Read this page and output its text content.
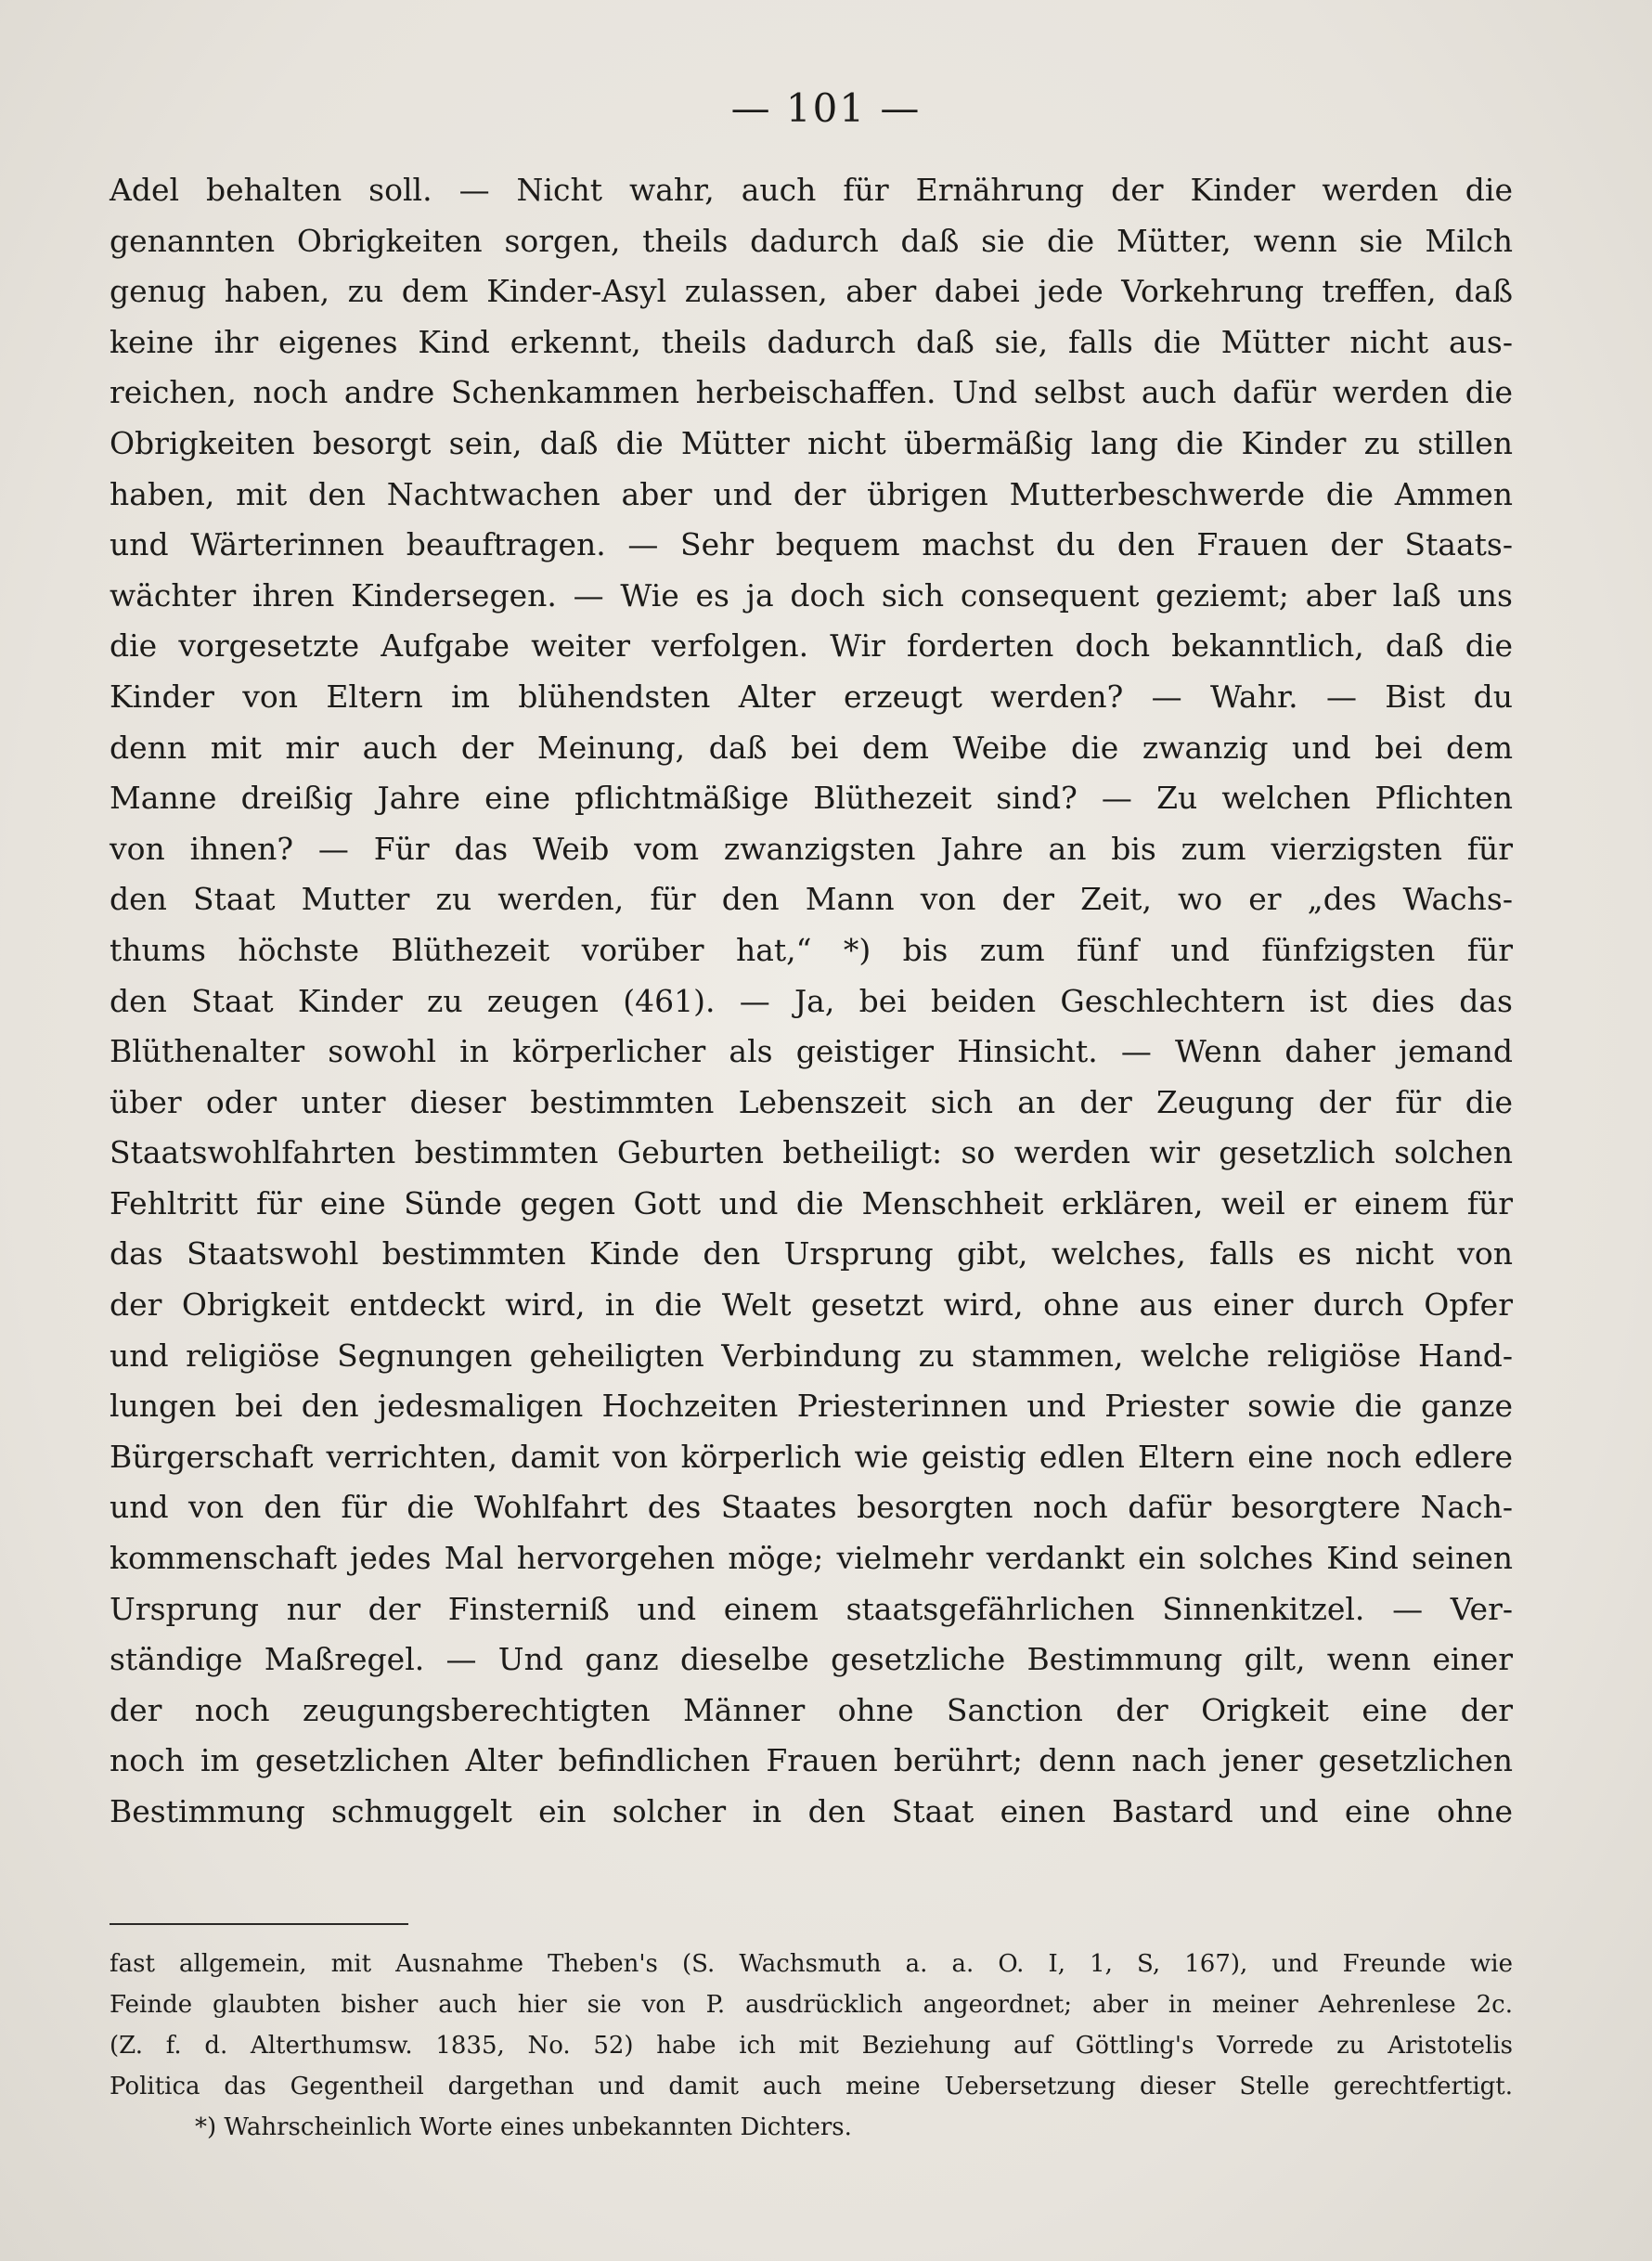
— 101 —
Adel behalten soll. — Nicht wahr, auch für Ernährung der Kinder werden die
genannten Obrigkeiten sorgen, theils dadurch daß sie die Mütter, wenn sie Milch
genug haben, zu dem Kinder-Asyl zulassen, aber dabei jede Vorkehrung treffen, daß
keine ihr eigenes Kind erkennt, theils dadurch daß sie, falls die Mütter nicht aus-
reichen, noch andre Schenkammen herbeischaffen. Und selbst auch dafür werden die
Obrigkeiten besorgt sein, daß die Mütter nicht übermäßig lang die Kinder zu stillen
haben, mit den Nachtwachen aber und der übrigen Mutterbeschwerde die Ammen
und Wärterinnen beauftragen. — Sehr bequem machst du den Frauen der Staats-
wächter ihren Kindersegen. — Wie es ja doch sich consequent geziemt; aber laß uns
die vorgesetzte Aufgabe weiter verfolgen. Wir forderten doch bekanntlich, daß die
Kinder von Eltern im blühendsten Alter erzeugt werden? — Wahr. — Bist du
denn mit mir auch der Meinung, daß bei dem Weibe die zwanzig und bei dem
Manne dreißig Jahre eine pflichtmäßige Blüthezeit sind? — Zu welchen Pflichten
von ihnen? — Für das Weib vom zwanzigsten Jahre an bis zum vierzigsten für
den Staat Mutter zu werden, für den Mann von der Zeit, wo er „des Wachs-
thums höchste Blüthezeit vorüber hat,“ *) bis zum fünf und fünfzigsten für
den Staat Kinder zu zeugen (461). — Ja, bei beiden Geschlechtern ist dies das
Blüthenalter sowohl in körperlicher als geistiger Hinsicht. — Wenn daher jemand
über oder unter dieser bestimmten Lebenszeit sich an der Zeugung der für die
Staatswohlfahrten bestimmten Geburten betheiligt: so werden wir gesetzlich solchen
Fehltritt für eine Sünde gegen Gott und die Menschheit erklären, weil er einem für
das Staatswohl bestimmten Kinde den Ursprung gibt, welches, falls es nicht von
der Obrigkeit entdeckt wird, in die Welt gesetzt wird, ohne aus einer durch Opfer
und religiöse Segnungen geheiligten Verbindung zu stammen, welche religiöse Hand-
lungen bei den jedesmaligen Hochzeiten Priesterinnen und Priester sowie die ganze
Bürgerschaft verrichten, damit von körperlich wie geistig edlen Eltern eine noch edlere
und von den für die Wohlfahrt des Staates besorgten noch dafür besorgtere Nach-
kommenschaft jedes Mal hervorgehen möge; vielmehr verdankt ein solches Kind seinen
Ursprung nur der Finsterniß und einem staatsgefährlichen Sinnenkitzel. — Ver-
ständige Maßregel. — Und ganz dieselbe gesetzliche Bestimmung gilt, wenn einer
der noch zeugungsberechtigten Männer ohne Sanction der Origkeit eine der
noch im gesetzlichen Alter befindlichen Frauen berührt; denn nach jener gesetzlichen
Bestimmung schmuggelt ein solcher in den Staat einen Bastard und eine ohne
fast allgemein, mit Ausnahme Theben's (S. Wachsmuth a. a. O. I, 1, S, 167), und Freunde wie
Feinde glaubten bisher auch hier sie von P. ausdrücklich angeordnet; aber in meiner Aehrenlese 2c.
(Z. f. d. Alterthumsw. 1835, No. 52) habe ich mit Beziehung auf Göttling's Vorrede zu Aristotelis
Politica das Gegentheil dargethan und damit auch meine Uebersetzung dieser Stelle gerechtfertigt.
*) Wahrscheinlich Worte eines unbekannten Dichters.
